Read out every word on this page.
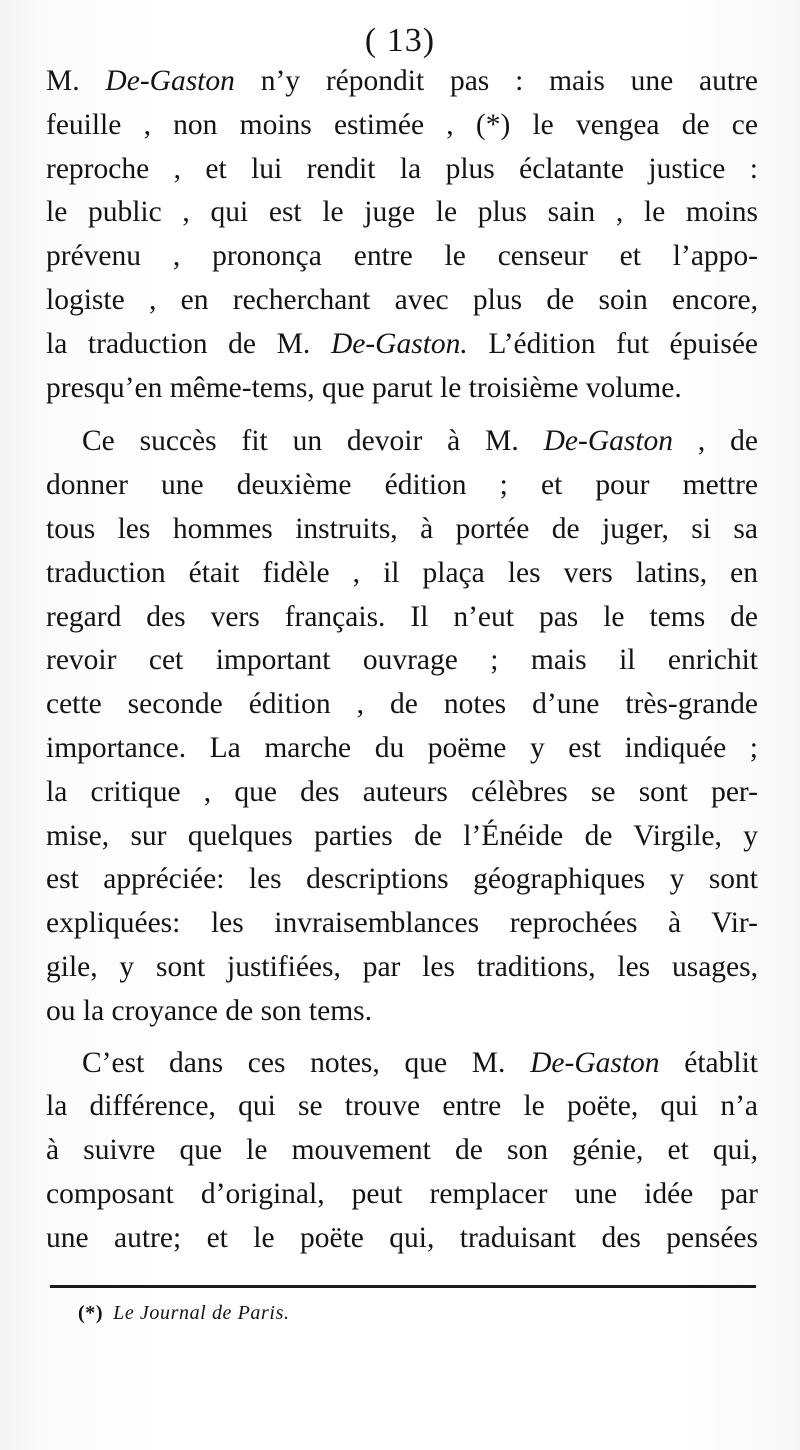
( 13)
M. De-Gaston n’y répondit pas : mais une autre
feuille , non moins estimée , (*) le vengea de ce
reproche , et lui rendit la plus éclatante justice :
le public , qui est le juge le plus sain , le moins
prévenu , prononça entre le censeur et l’appo-
logiste , en recherchant avec plus de soin encore,
la traduction de M. De-Gaston. L’édition fut épuisée
presqu’en même-tems, que parut le troisième volume.
Ce succès fit un devoir à M. De-Gaston , de
donner une deuxième édition ; et pour mettre
tous les hommes instruits, à portée de juger, si sa
traduction était fidèle , il plaça les vers latins, en
regard des vers français. Il n’eut pas le tems de
revoir cet important ouvrage ; mais il enrichit
cette seconde édition , de notes d’une très-grande
importance. La marche du poëme y est indiquée ;
la critique , que des auteurs célèbres se sont per-
mise, sur quelques parties de l’Énéide de Virgile, y
est appréciée: les descriptions géographiques y sont
expliquées: les invraisemblances reprochées à Vir-
gile, y sont justifiées, par les traditions, les usages,
ou la croyance de son tems.
C’est dans ces notes, que M. De-Gaston établit
la différence, qui se trouve entre le poëte, qui n’a
à suivre que le mouvement de son génie, et qui,
composant d’original, peut remplacer une idée par
une autre; et le poëte qui, traduisant des pensées
(*) Le Journal de Paris.
